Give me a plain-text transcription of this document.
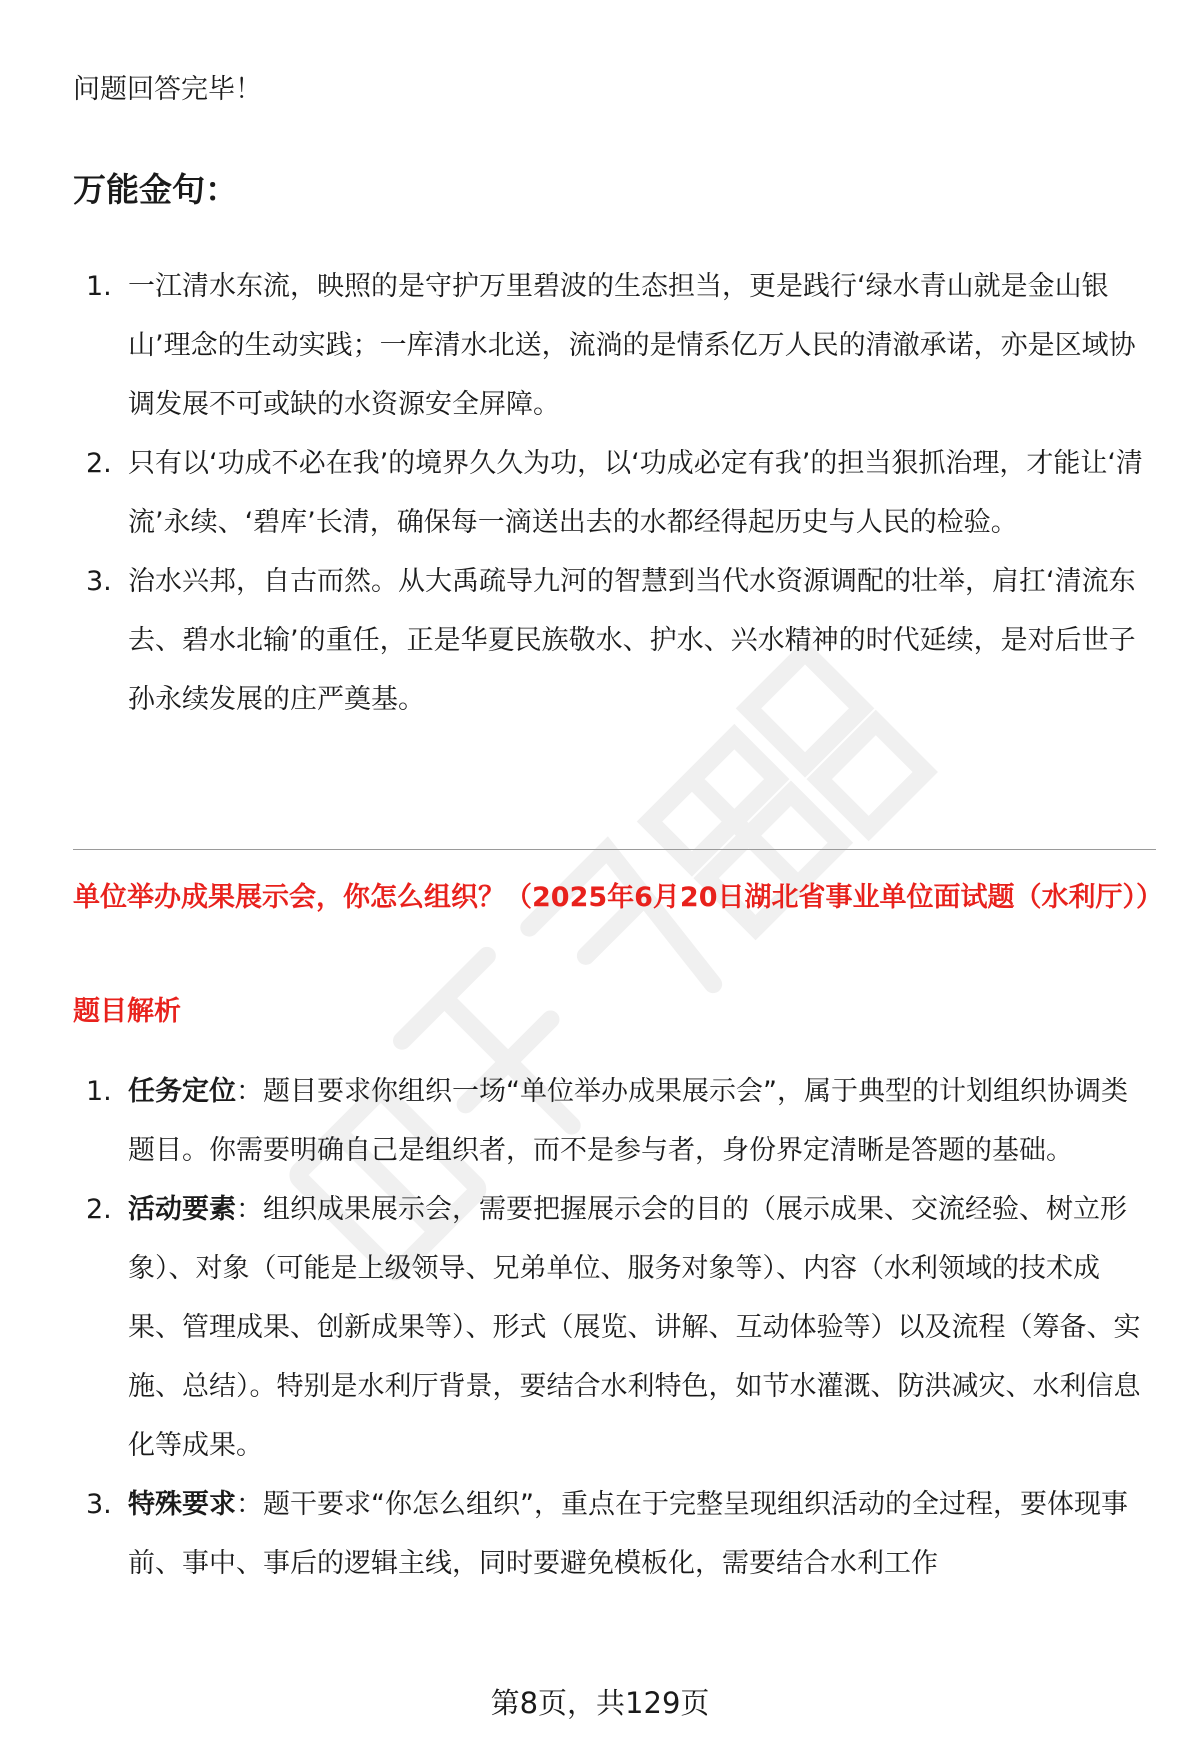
问题回答完毕！
万能金句：
1. 一江清水东流，映照的是守护万里碧波的生态担当，更是践行‘绿水青山就是金山银山’理念的生动实践；一库清水北送，流淌的是情系亿万人民的清澈承诺，亦是区域协调发展不可或缺的水资源安全屏障。
2. 只有以‘功成不必在我’的境界久久为功，以‘功成必定有我’的担当狠抓治理，才能让‘清流’永续、‘碧库’长清，确保每一滴送出去的水都经得起历史与人民的检验。
3. 治水兴邦，自古而然。从大禹疏导九河的智慧到当代水资源调配的壮举，肩扛‘清流东去、碧水北输’的重任，正是华夏民族敬水、护水、兴水精神的时代延续，是对后世子孙永续发展的庄严奠基。
单位举办成果展示会，你怎么组织？（2025年6月20日湖北省事业单位面试题（水利厅））
题目解析
1. 任务定位：题目要求你组织一场“单位举办成果展示会”，属于典型的计划组织协调类题目。你需要明确自己是组织者，而不是参与者，身份界定清晰是答题的基础。
2. 活动要素：组织成果展示会，需要把握展示会的目的（展示成果、交流经验、树立形象）、对象（可能是上级领导、兄弟单位、服务对象等）、内容（水利领域的技术成果、管理成果、创新成果等）、形式（展览、讲解、互动体验等）以及流程（筹备、实施、总结）。特别是水利厅背景，要结合水利特色，如节水灌溉、防洪减灾、水利信息化等成果。
3. 特殊要求：题干要求“你怎么组织”，重点在于完整呈现组织活动的全过程，要体现事前、事中、事后的逻辑主线，同时要避免模板化，需要结合水利工作
第8页，共129页
